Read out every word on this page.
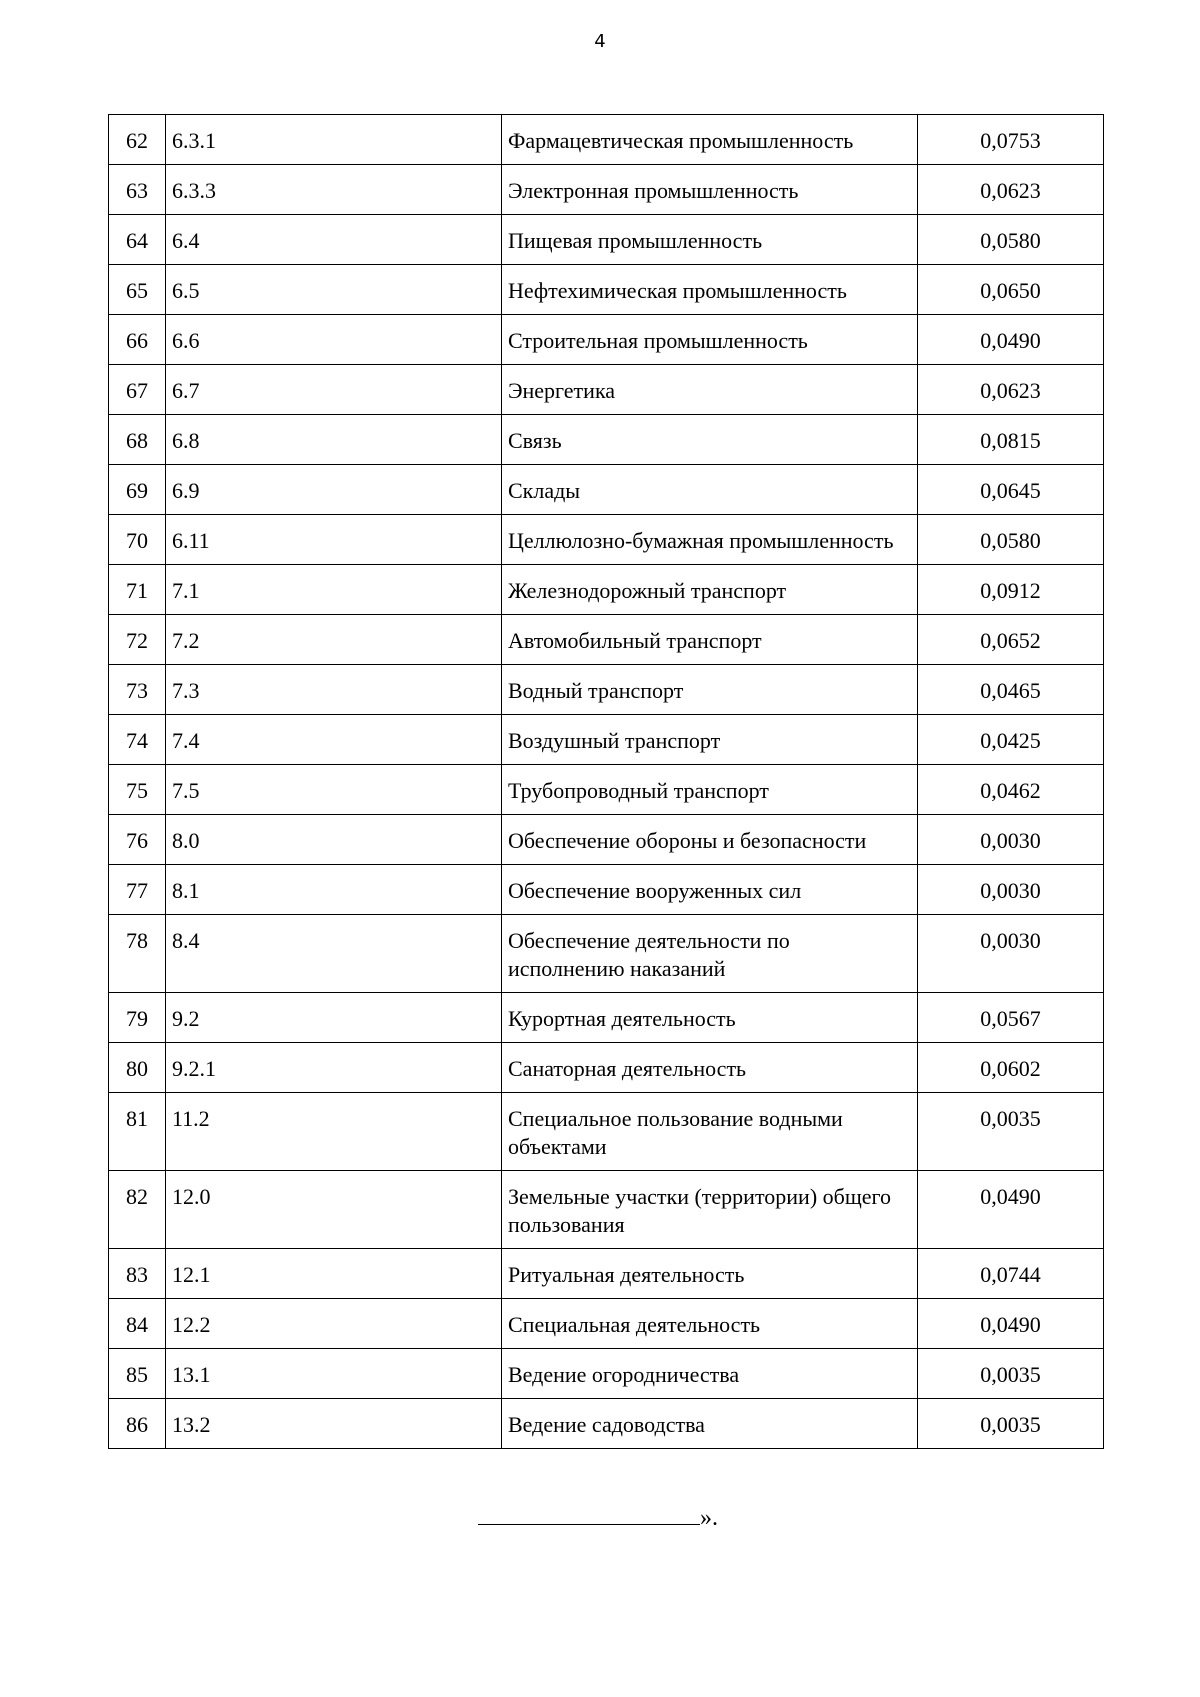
4
62	6.3.1	Фармацевтическая промышленность	0,0753
63	6.3.3	Электронная промышленность	0,0623
64	6.4	Пищевая промышленность	0,0580
65	6.5	Нефтехимическая промышленность	0,0650
66	6.6	Строительная промышленность	0,0490
67	6.7	Энергетика	0,0623
68	6.8	Связь	0,0815
69	6.9	Склады	0,0645
70	6.11	Целлюлозно-бумажная промышленность	0,0580
71	7.1	Железнодорожный транспорт	0,0912
72	7.2	Автомобильный транспорт	0,0652
73	7.3	Водный транспорт	0,0465
74	7.4	Воздушный транспорт	0,0425
75	7.5	Трубопроводный транспорт	0,0462
76	8.0	Обеспечение обороны и безопасности	0,0030
77	8.1	Обеспечение вооруженных сил	0,0030
78	8.4	Обеспечение деятельности по исполнению наказаний	0,0030
79	9.2	Курортная деятельность	0,0567
80	9.2.1	Санаторная деятельность	0,0602
81	11.2	Специальное пользование водными объектами	0,0035
82	12.0	Земельные участки (территории) общего пользования	0,0490
83	12.1	Ритуальная деятельность	0,0744
84	12.2	Специальная деятельность	0,0490
85	13.1	Ведение огородничества	0,0035
86	13.2	Ведение садоводства	0,0035
».
